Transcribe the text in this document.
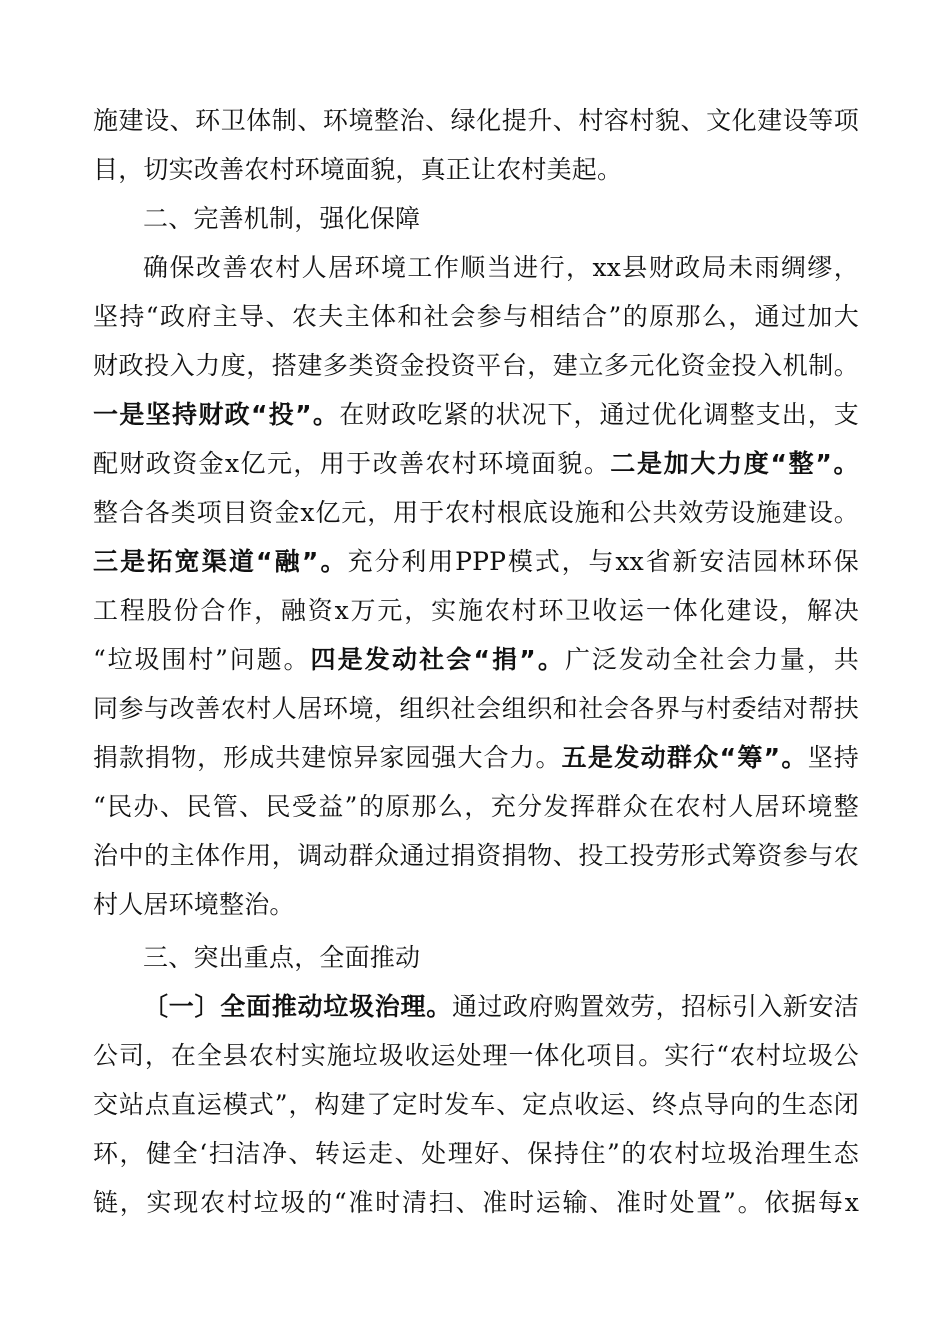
施建设、环卫体制、环境整治、绿化提升、村容村貌、文化建设等项
目，切实改善农村环境面貌，真正让农村美起。
二、完善机制，强化保障
确保改善农村人居环境工作顺当进行，xx县财政局未雨绸缪，
坚持“政府主导、农夫主体和社会参与相结合”的原那么，通过加大
财政投入力度，搭建多类资金投资平台，建立多元化资金投入机制。
一是坚持财政“投”。在财政吃紧的状况下，通过优化调整支出，支
配财政资金x亿元，用于改善农村环境面貌。二是加大力度“整”。
整合各类项目资金x亿元，用于农村根底设施和公共效劳设施建设。
三是拓宽渠道“融”。充分利用PPP模式，与xx省新安洁园林环保
工程股份合作，融资x万元，实施农村环卫收运一体化建设，解决
“垃圾围村”问题。四是发动社会“捐”。广泛发动全社会力量，共
同参与改善农村人居环境，组织社会组织和社会各界与村委结对帮扶
捐款捐物，形成共建惊异家园强大合力。五是发动群众“筹”。坚持
“民办、民管、民受益”的原那么，充分发挥群众在农村人居环境整
治中的主体作用，调动群众通过捐资捐物、投工投劳形式筹资参与农
村人居环境整治。
三、突出重点，全面推动
〔一〕全面推动垃圾治理。通过政府购置效劳，招标引入新安洁
公司，在全县农村实施垃圾收运处理一体化项目。实行“农村垃圾公
交站点直运模式”，构建了定时发车、定点收运、终点导向的生态闭
环，健全‘扫洁净、转运走、处理好、保持住”的农村垃圾治理生态
链，实现农村垃圾的“准时清扫、准时运输、准时处置”。依据每x
